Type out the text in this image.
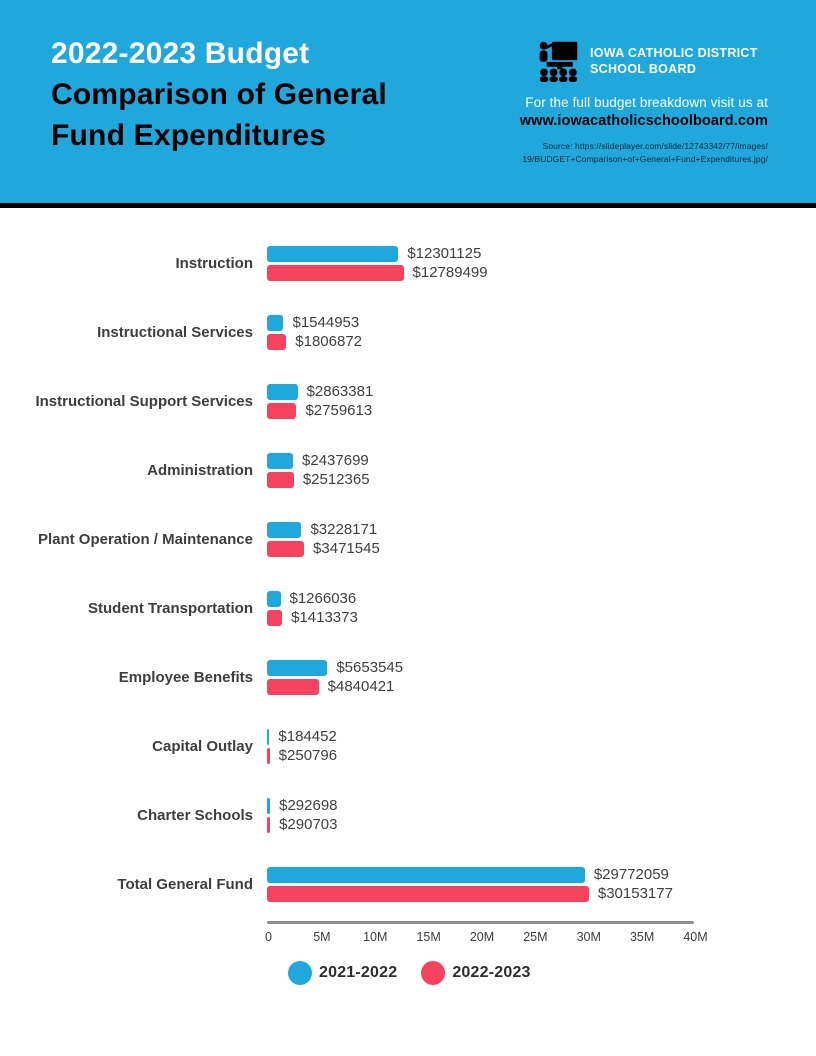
2022-2023 Budget
Comparison of General
Fund Expenditures
IOWA CATHOLIC DISTRICT
SCHOOL BOARD
For the full budget breakdown visit us at
www.iowacatholicschoolboard.com
Source: https://slideplayer.com/slide/12743342/77/images/
19/BUDGET+Comparison+of+General+Fund+Expenditures.jpg/
Instruction
$12301125
$12789499
Instructional Services
$1544953
$1806872
Instructional Support Services
$2863381
$2759613
Administration
$2437699
$2512365
Plant Operation / Maintenance
$3228171
$3471545
Student Transportation
$1266036
$1413373
Employee Benefits
$5653545
$4840421
Capital Outlay
$184452
$250796
Charter Schools
$292698
$290703
Total General Fund
$29772059
$30153177
0	5M	10M 15M 20M 25M 30M 35M 40M
2021-2022	2022-2023
